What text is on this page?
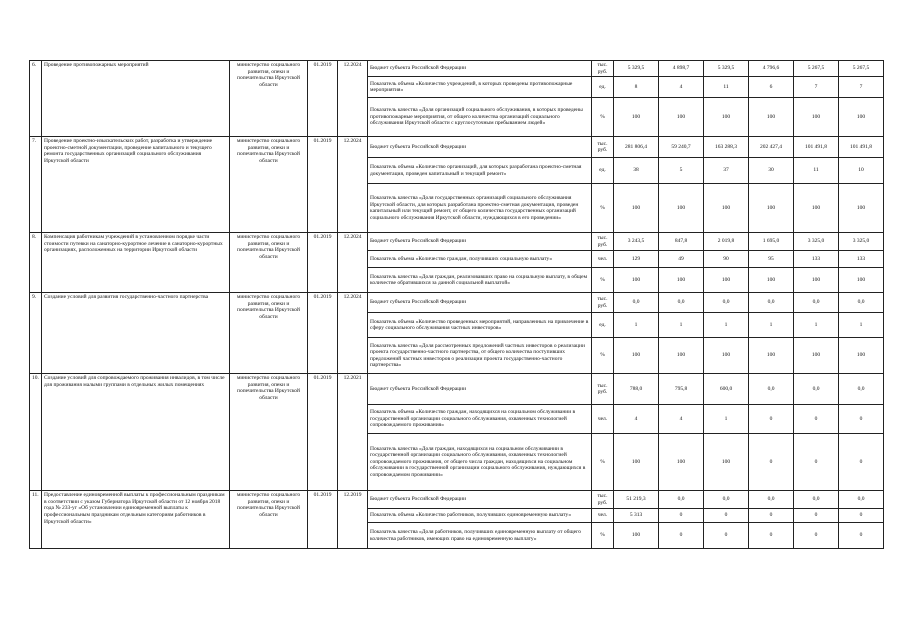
6.	Проведение противопожарных мероприятий	министерство социального развития, опеки и попечительства Иркутской области	01.2019	12.2024	Бюджет субъекта Российской Федерации	тыс. руб.	5 329,5	4 898,7	5 329,5	4 796,6	5 267,5	5 267,5
					Показатель объема «Количество учреждений, в которых проведены противопожарные мероприятия»	ед.	8	4	11	6	7	7
					Показатель качества «Доля организаций социального обслуживания, в которых проведены противопожарные мероприятия, от общего количества организаций социального обслуживания Иркутской области с круглосуточным пребыванием людей»	%	100	100	100	100	100	100
7.	Проведение проектно-изыскательских работ, разработка и утверждение проектно-сметной документации, проведение капитального и текущего ремонта государственных организаций социального обслуживания Иркутской области	министерство социального развития, опеки и попечительства Иркутской области	01.2019	12.2024	Бюджет субъекта Российской Федерации	тыс. руб.	281 806,4	59 240,7	163 288,3	202 427,4	101 491,8	101 491,8
					Показатель объема «Количество организаций, для которых разработана проектно-сметная документация, проведен капитальный и текущий ремонт»	ед.	38	5	37	30	11	10
					Показатель качества «Доля государственных организаций социального обслуживания Иркутской области, для которых разработана проектно-сметная документация, проведен капитальный или текущий ремонт, от общего количества государственных организаций социального обслуживания Иркутской области, нуждающихся в его проведении»	%	100	100	100	100	100	100
8.	Компенсация работникам учреждений в установленном порядке части стоимости путевки на санаторно-курортное лечение в санаторно-курортных организациях, расположенных на территории Иркутской области	министерство социального развития, опеки и попечительства Иркутской области	01.2019	12.2024	Бюджет субъекта Российской Федерации	тыс. руб.	3 243,5	847,8	2 019,8	1 695,0	3 325,0	3 325,0
					Показатель объема «Количество граждан, получивших социальную выплату»	чел.	129	49	90	95	133	133
					Показатель качества «Доля граждан, реализовавших право на социальную выплату, в общем количестве обратившихся за данной социальной выплатой»	%	100	100	100	100	100	100
9.	Создание условий для развития государственно-частного партнерства	министерство социального развития, опеки и попечительства Иркутской области	01.2019	12.2024	Бюджет субъекта Российской Федерации	тыс. руб.	0,0	0,0	0,0	0,0	0,0	0,0
					Показатель объема «Количество проведенных мероприятий, направленных на привлечение в сферу социального обслуживания частных инвесторов»	ед.	1	1	1	1	1	1
					Показатель качества «Доля рассмотренных предложений частных инвесторов о реализации проекта государственно-частного партнерства, от общего количества поступивших предложений частных инвесторов о реализации проекта государственно-частного партнерства»	%	100	100	100	100	100	100
10.	Создание условий для сопровождаемого проживания инвалидов, в том числе для проживания малыми группами в отдельных жилых помещениях	министерство социального развития, опеки и попечительства Иркутской области	01.2019	12.2021	Бюджет субъекта Российской Федерации	тыс. руб.	788,0	795,8	600,0	0,0	0,0	0,0
					Показатель объема «Количество граждан, находящихся на социальном обслуживании в государственной организации социального обслуживания, охваченных технологией сопровождаемого проживания»	чел.	4	4	1	0	0	0
					Показатель качества «Доля граждан, находящихся на социальном обслуживании в государственной организации социального обслуживания, охваченных технологией сопровождаемого проживания, от общего числа граждан, находящихся на социальном обслуживании в государственной организации социального обслуживания, нуждающихся в сопровождаемом проживании»	%	100	100	100	0	0	0
11.	Предоставление единовременной выплаты к профессиональным праздникам в соответствии с указом Губернатора Иркутской области от 12 ноября 2018 года № 233-уг «Об установлении единовременной выплаты к профессиональным праздникам отдельным категориям работников в Иркутской области»	министерство социального развития, опеки и попечительства Иркутской области	01.2019	12.2019	Бюджет субъекта Российской Федерации	тыс. руб.	51 219,3	0,0	0,0	0,0	0,0	0,0
					Показатель объема «Количество работников, получивших единовременную выплату»	чел.	5 313	0	0	0	0	0
					Показатель качества «Доля работников, получивших единовременную выплату от общего количества работников, имеющих право на единовременную выплату»	%	100	0	0	0	0	0
